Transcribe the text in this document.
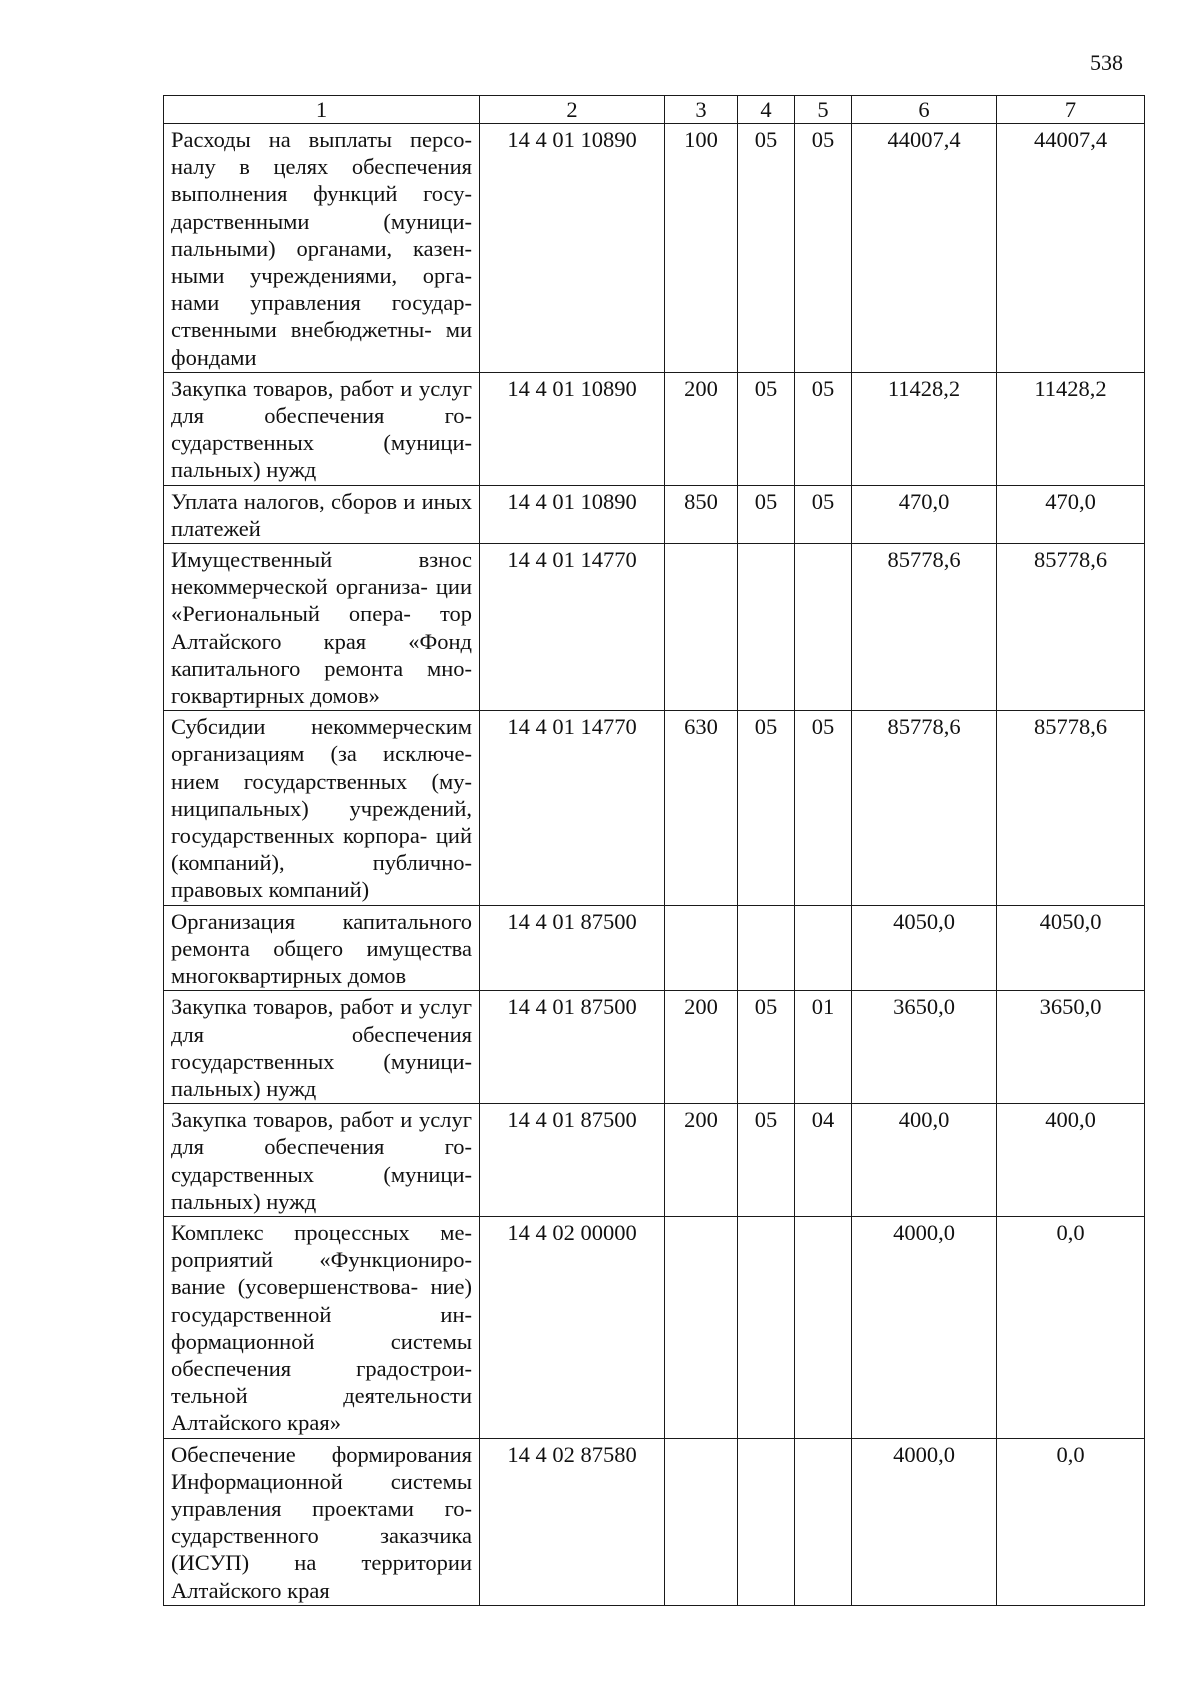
538
1	2	3	4	5	6	7
Расходы на выплаты персо- налу в целях обеспечения выполнения функций госу- дарственными (муници- пальными) органами, казен- ными учреждениями, орга- нами управления государ- ственными внебюджетны- ми фондами	14 4 01 10890	100	05	05	44007,4	44007,4
Закупка товаров, работ и услуг для обеспечения го- сударственных (муници- пальных) нужд	14 4 01 10890	200	05	05	11428,2	11428,2
Уплата налогов, сборов и иных платежей	14 4 01 10890	850	05	05	470,0	470,0
Имущественный взнос некоммерческой организа- ции «Региональный опера- тор Алтайского края «Фонд капитального ремонта мно- гоквартирных домов»	14 4 01 14770				85778,6	85778,6
Субсидии некоммерческим организациям (за исключе- нием государственных (му- ниципальных) учреждений, государственных корпора- ций (компаний), публично- правовых компаний)	14 4 01 14770	630	05	05	85778,6	85778,6
Организация капитального ремонта общего имущества многоквартирных домов	14 4 01 87500				4050,0	4050,0
Закупка товаров, работ и услуг для обеспечения государственных (муници- пальных) нужд	14 4 01 87500	200	05	01	3650,0	3650,0
Закупка товаров, работ и услуг для обеспечения го- сударственных (муници- пальных) нужд	14 4 01 87500	200	05	04	400,0	400,0
Комплекс процессных ме- роприятий «Функциониро- вание (усовершенствова- ние) государственной ин- формационной системы обеспечения градострои- тельной деятельности Алтайского края»	14 4 02 00000				4000,0	0,0
Обеспечение формирования Информационной системы управления проектами го- сударственного заказчика (ИСУП) на территории Алтайского края	14 4 02 87580				4000,0	0,0
